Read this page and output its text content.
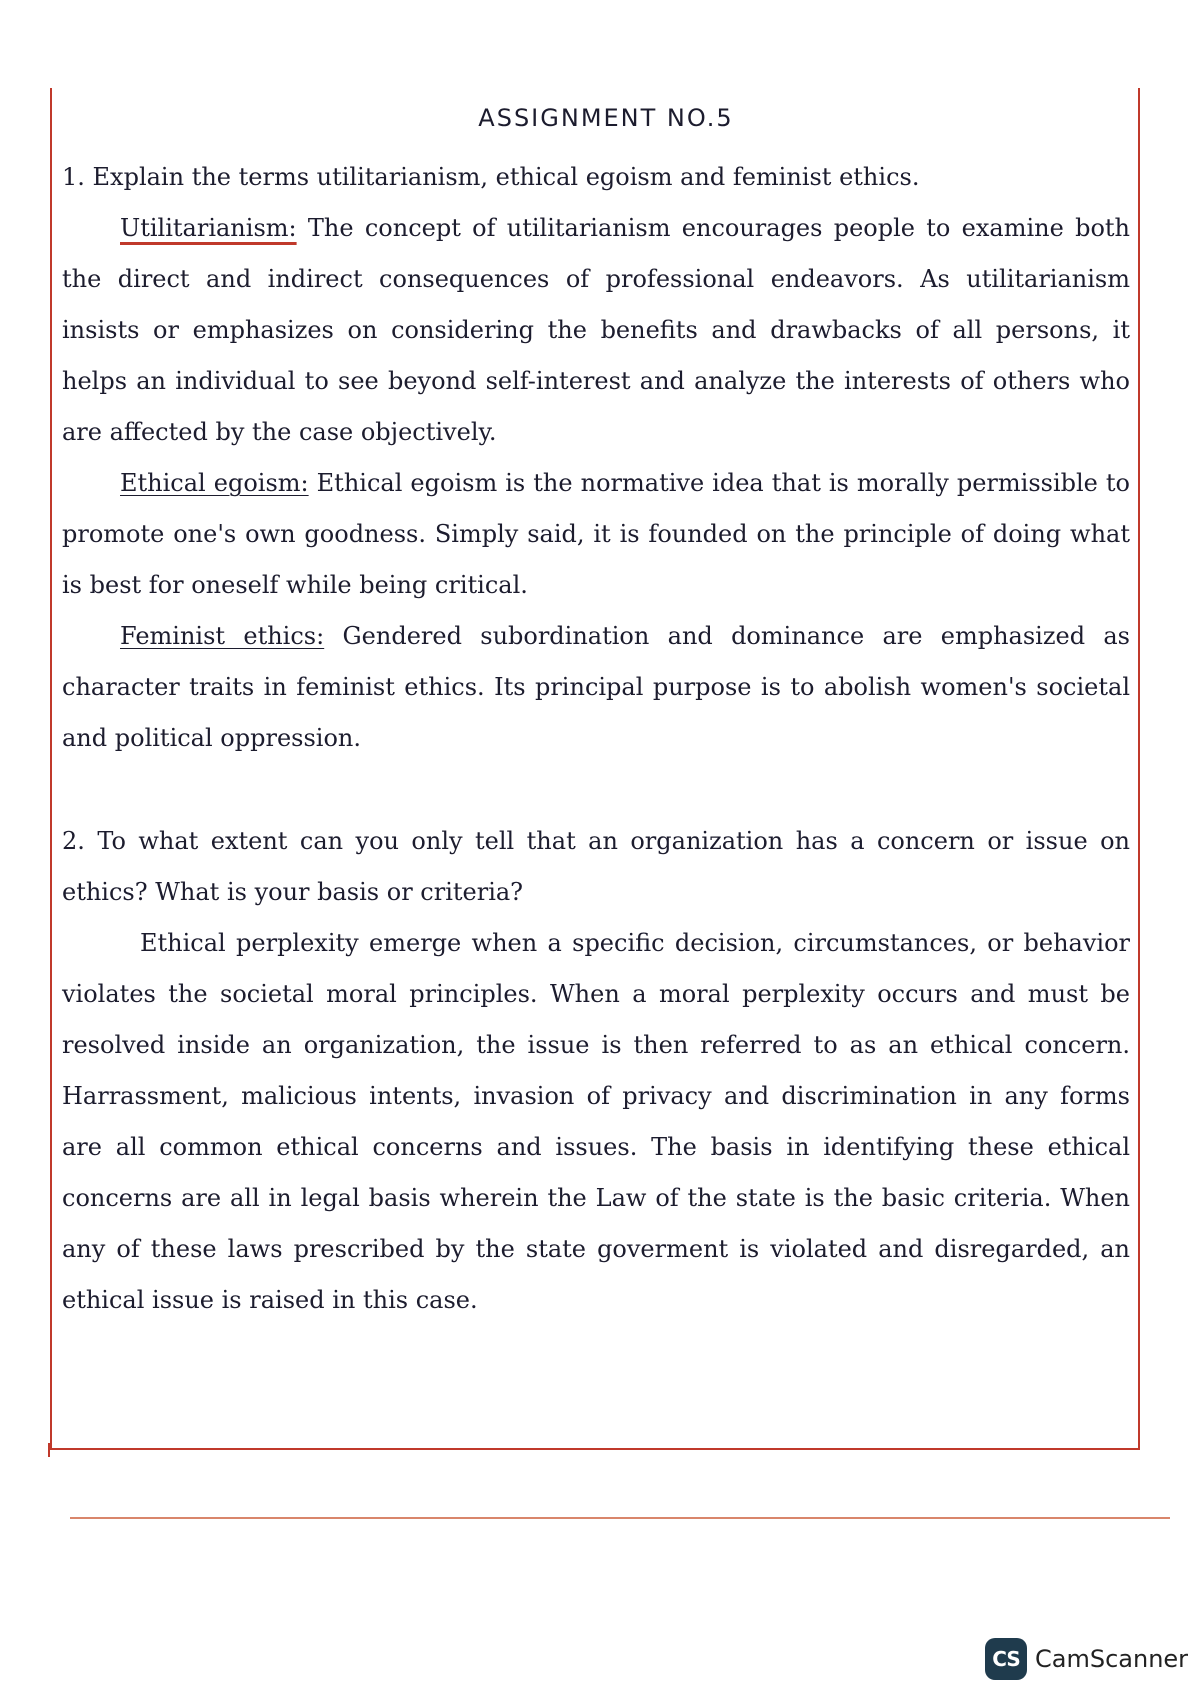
ASSIGNMENT NO.5

1. Explain the terms utilitarianism, ethical egoism and feminist ethics.

Utilitarianism: The concept of utilitarianism encourages people to examine both the direct and indirect consequences of professional endeavors. As utilitarianism insists or emphasizes on considering the benefits and drawbacks of all persons, it helps an individual to see beyond self-interest and analyze the interests of others who are affected by the case objectively.

Ethical egoism: Ethical egoism is the normative idea that is morally permissible to promote one's own goodness. Simply said, it is founded on the principle of doing what is best for oneself while being critical.

Feminist ethics: Gendered subordination and dominance are emphasized as character traits in feminist ethics. Its principal purpose is to abolish women's societal and political oppression.

2. To what extent can you only tell that an organization has a concern or issue on ethics? What is your basis or criteria?

Ethical perplexity emerge when a specific decision, circumstances, or behavior violates the societal moral principles. When a moral perplexity occurs and must be resolved inside an organization, the issue is then referred to as an ethical concern. Harrassment, malicious intents, invasion of privacy and discrimination in any forms are all common ethical concerns and issues. The basis in identifying these ethical concerns are all in legal basis wherein the Law of the state is the basic criteria. When any of these laws prescribed by the state goverment is violated and disregarded, an ethical issue is raised in this case.

CS CamScanner
